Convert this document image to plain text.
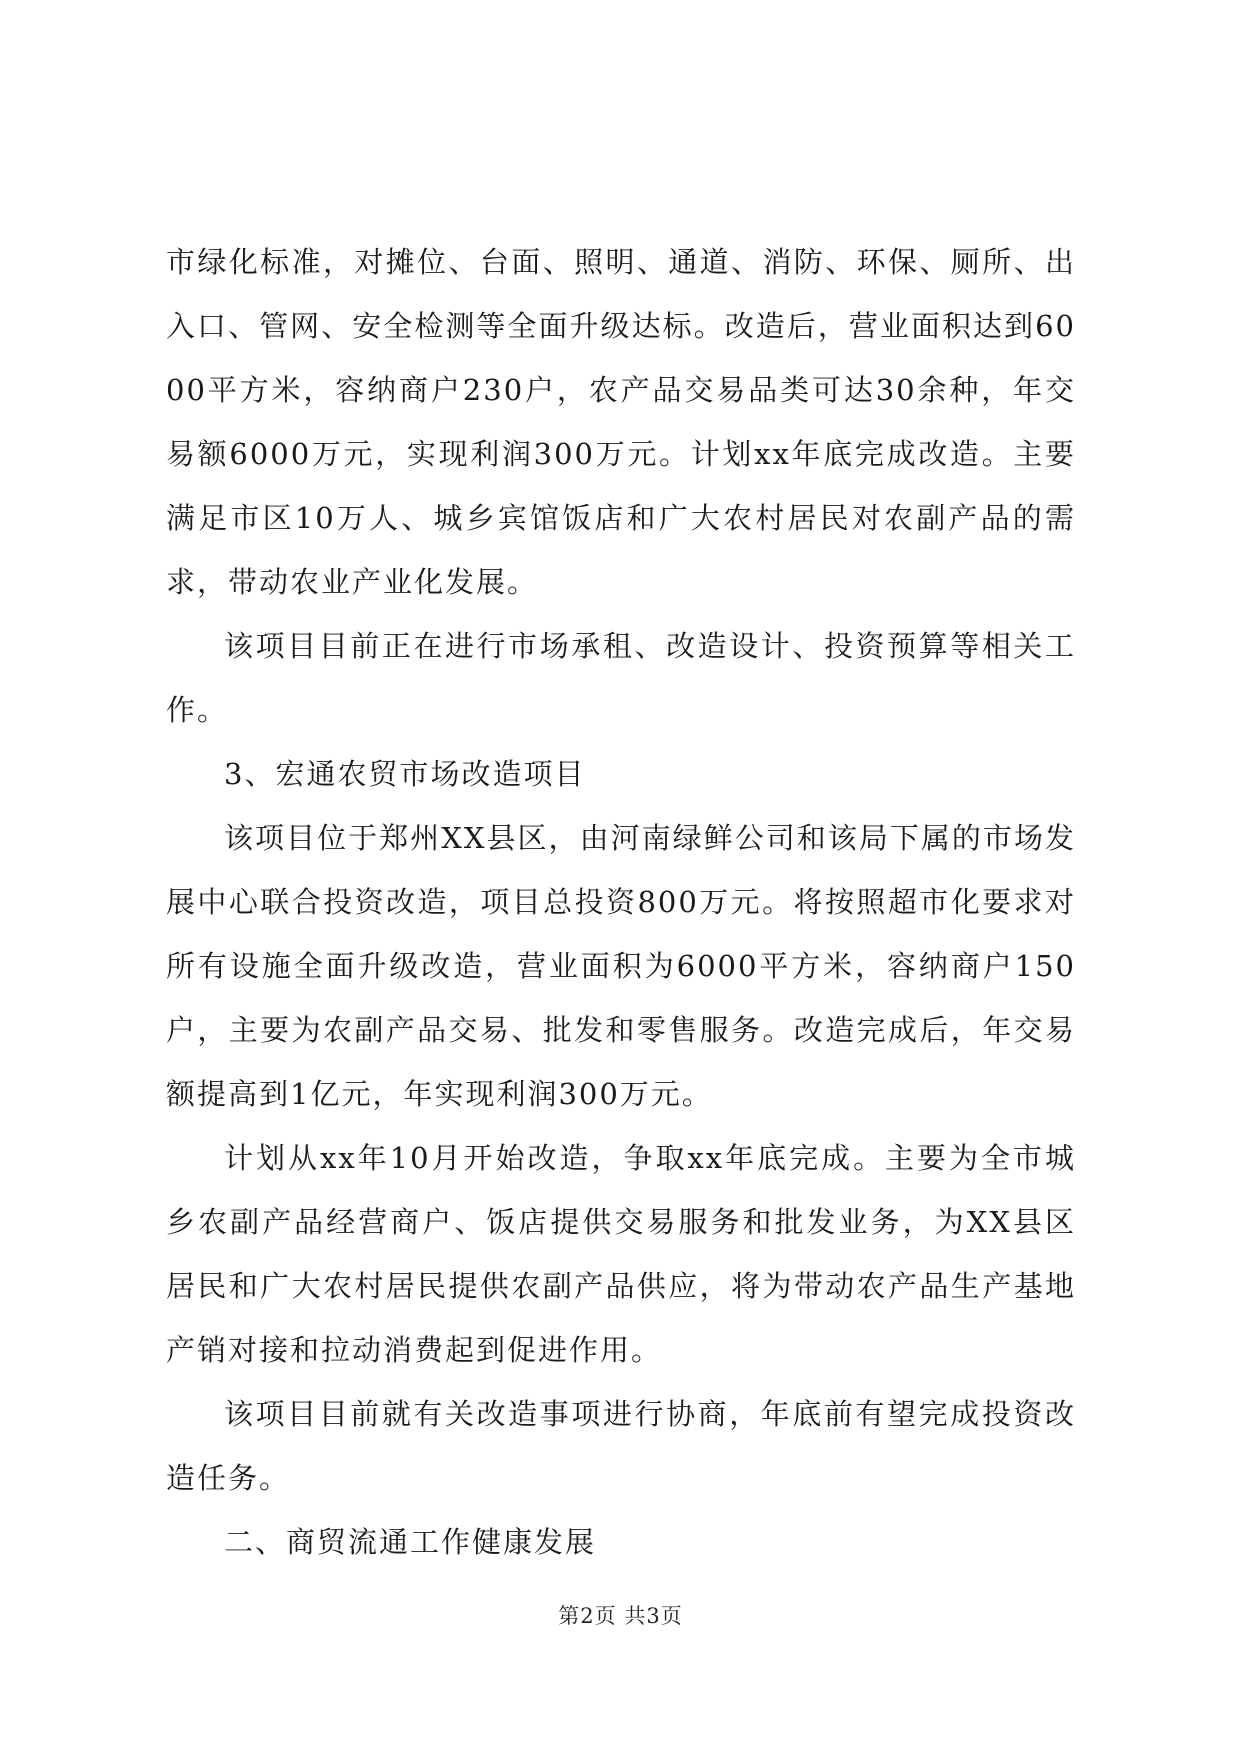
市绿化标准，对摊位、台面、照明、通道、消防、环保、厕所、出入口、管网、安全检测等全面升级达标。改造后，营业面积达到6000平方米，容纳商户230户，农产品交易品类可达30余种，年交易额6000万元，实现利润300万元。计划xx年底完成改造。主要满足市区10万人、城乡宾馆饭店和广大农村居民对农副产品的需求，带动农业产业化发展。

该项目目前正在进行市场承租、改造设计、投资预算等相关工作。

3、宏通农贸市场改造项目

该项目位于郑州XX县区，由河南绿鲜公司和该局下属的市场发展中心联合投资改造，项目总投资800万元。将按照超市化要求对所有设施全面升级改造，营业面积为6000平方米，容纳商户150户，主要为农副产品交易、批发和零售服务。改造完成后，年交易额提高到1亿元，年实现利润300万元。

计划从xx年10月开始改造，争取xx年底完成。主要为全市城乡农副产品经营商户、饭店提供交易服务和批发业务，为XX县区居民和广大农村居民提供农副产品供应，将为带动农产品生产基地产销对接和拉动消费起到促进作用。

该项目目前就有关改造事项进行协商，年底前有望完成投资改造任务。

二、商贸流通工作健康发展

第2页 共3页
